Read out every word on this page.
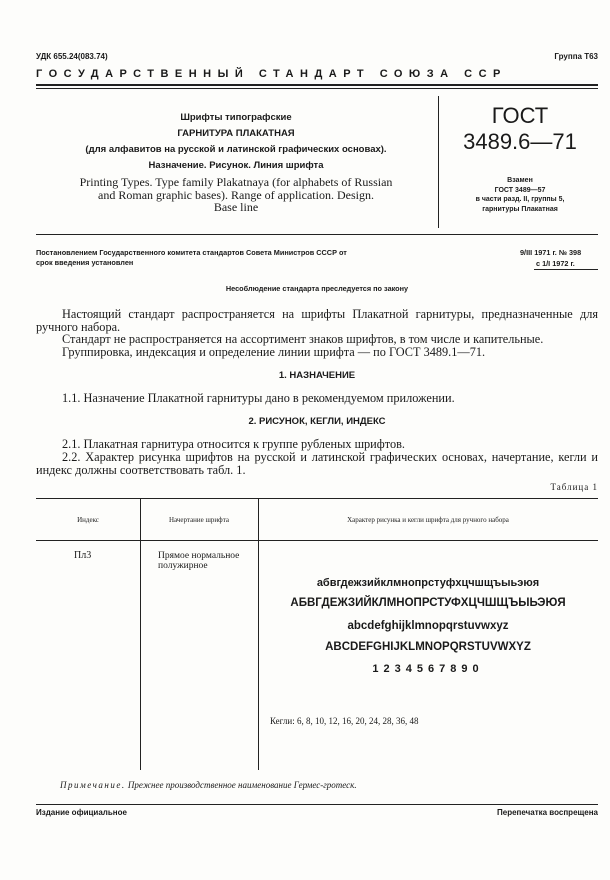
УДК 655.24(083.74)	Группа Т63
ГОСУДАРСТВЕННЫЙ СТАНДАРТ СОЮЗА ССР
Шрифты типографские
ГАРНИТУРА ПЛАКАТНАЯ
(для алфавитов на русской и латинской графических основах).
Назначение. Рисунок. Линия шрифта
Printing Types. Type family Plakatnaya (for alphabets of Russian
and Roman graphic bases). Range of application. Design.
Base line
ГОСТ
3489.6—71
Взамен
ГОСТ 3489—57
в части разд. II, группы 5,
гарнитуры Плакатная
Постановлением Государственного комитета стандартов Совета Министров СССР от	9/III 1971 г. № 398
срок введения установлен	с 1/I 1972 г.
Несоблюдение стандарта преследуется по закону
Настоящий стандарт распространяется на шрифты Плакатной гарнитуры, предназначенные для ручного набора.
Стандарт не распространяется на ассортимент знаков шрифтов, в том числе и капительные.
Группировка, индексация и определение линии шрифта — по ГОСТ 3489.1—71.
1. НАЗНАЧЕНИЕ
1.1. Назначение Плакатной гарнитуры дано в рекомендуемом приложении.
2. РИСУНОК, КЕГЛИ, ИНДЕКС
2.1. Плакатная гарнитура относится к группе рубленых шрифтов.
2.2. Характер рисунка шрифтов на русской и латинской графических основах, начертание, кегли и индекс должны соответствовать табл. 1.
Таблица 1
Индекс	Начертание шрифта	Характер рисунка и кегли шрифта для ручного набора
Пл3	Прямое нормальное полужирное
абвгдежзийклмнопрстуфхцчшщъыьэюя
АБВГДЕЖЗИЙКЛМНОПРСТУФХЦЧШЩЪЫЬЭЮЯ
abcdefghijklmnopqrstuvwxyz
ABCDEFGHIJKLMNOPQRSTUVWXYZ
1234567890
Кегли: 6, 8, 10, 12, 16, 20, 24, 28, 36, 48
Примечание. Прежнее производственное наименование Гермес-гротеск.
Издание официальное	Перепечатка воспрещена
